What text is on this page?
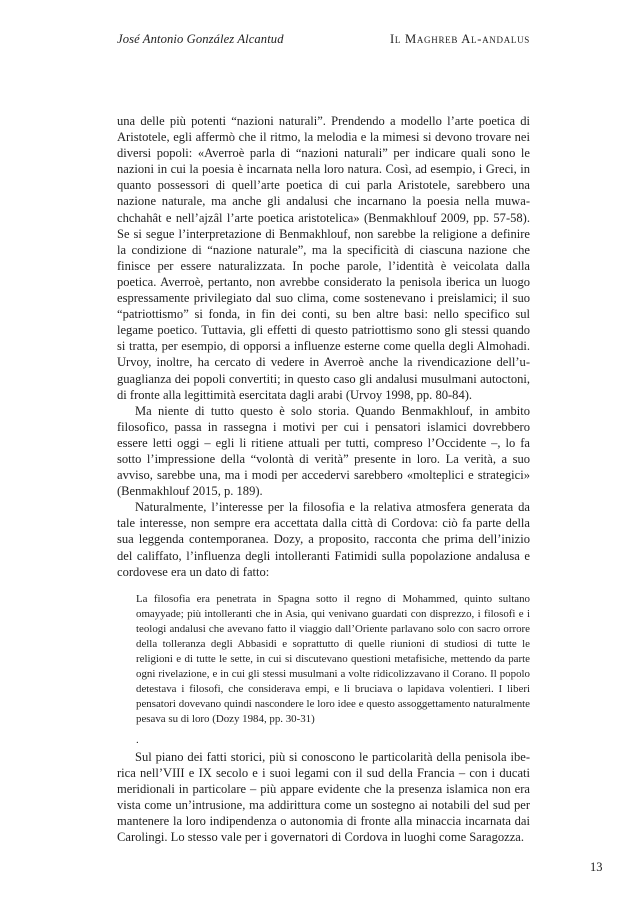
José Antonio González Alcantud	Il Maghreb Al-andalus

una delle più potenti “nazioni naturali”. Prendendo a modello l’arte poetica di Aristotele, egli affermò che il ritmo, la melodia e la mimesi si devono trovare nei diversi popoli: «Averroè parla di “nazioni naturali” per indicare quali sono le nazioni in cui la poesia è incarnata nella loro natura. Così, ad esempio, i Greci, in quanto possessori di quell’arte poetica di cui parla Aristotele, sarebbero una nazione naturale, ma anche gli andalusi che incarnano la poesia nella muwachchahât e nell’ajzâl l’arte poetica aristotelica» (Benmakhlouf 2009, pp. 57-58). Se si segue l’interpretazione di Benmakhlouf, non sarebbe la religione a definire la condizione di “nazione naturale”, ma la specificità di ciascuna nazione che finisce per essere naturalizzata. In poche parole, l’identità è veicolata dalla poetica. Averroè, pertanto, non avrebbe considerato la penisola iberica un luogo espressamente privilegiato dal suo clima, come sostenevano i preislamici; il suo “patriottismo” si fonda, in fin dei conti, su ben altre basi: nello specifico sul legame poetico. Tuttavia, gli effetti di questo patriottismo sono gli stessi quando si tratta, per esempio, di opporsi a influenze esterne come quella degli Almohadi. Urvoy, inoltre, ha cercato di vedere in Averroè anche la rivendicazione dell’uguaglianza dei popoli convertiti; in questo caso gli andalusi musulmani autoctoni, di fronte alla legittimità esercitata dagli arabi (Urvoy 1998, pp. 80-84).

Ma niente di tutto questo è solo storia. Quando Benmakhlouf, in ambito filosofico, passa in rassegna i motivi per cui i pensatori islamici dovrebbero essere letti oggi – egli li ritiene attuali per tutti, compreso l’Occidente –, lo fa sotto l’impressione della “volontà di verità” presente in loro. La verità, a suo avviso, sarebbe una, ma i modi per accedervi sarebbero «molteplici e strategici» (Benmakhlouf 2015, p. 189).

Naturalmente, l’interesse per la filosofia e la relativa atmosfera generata da tale interesse, non sempre era accettata dalla città di Cordova: ciò fa parte della sua leggenda contemporanea. Dozy, a proposito, racconta che prima dell’inizio del califfato, l’influenza degli intolleranti Fatimidi sulla popolazione andalusa e cordovese era un dato di fatto:

La filosofia era penetrata in Spagna sotto il regno di Mohammed, quinto sultano omayyade; più intolleranti che in Asia, qui venivano guardati con disprezzo, i filosofi e i teologi andalusi che avevano fatto il viaggio dall’Oriente parlavano solo con sacro orrore della tolleranza degli Abbasidi e soprattutto di quelle riunioni di studiosi di tutte le religioni e di tutte le sette, in cui si discutevano questioni metafisiche, mettendo da parte ogni rivelazione, e in cui gli stessi musulmani a volte ridicolizzavano il Corano. Il popolo detestava i filosofi, che considerava empi, e li bruciava o lapidava volentieri. I liberi pensatori dovevano quindi nascondere le loro idee e questo assoggettamento naturalmente pesava su di loro (Dozy 1984, pp. 30-31)

.

Sul piano dei fatti storici, più si conoscono le particolarità della penisola iberica nell’VIII e IX secolo e i suoi legami con il sud della Francia – con i ducati meridionali in particolare – più appare evidente che la presenza islamica non era vista come un’intrusione, ma addirittura come un sostegno ai notabili del sud per mantenere la loro indipendenza o autonomia di fronte alla minaccia incarnata dai Carolingi. Lo stesso vale per i governatori di Cordova in luoghi come Saragozza.

13
